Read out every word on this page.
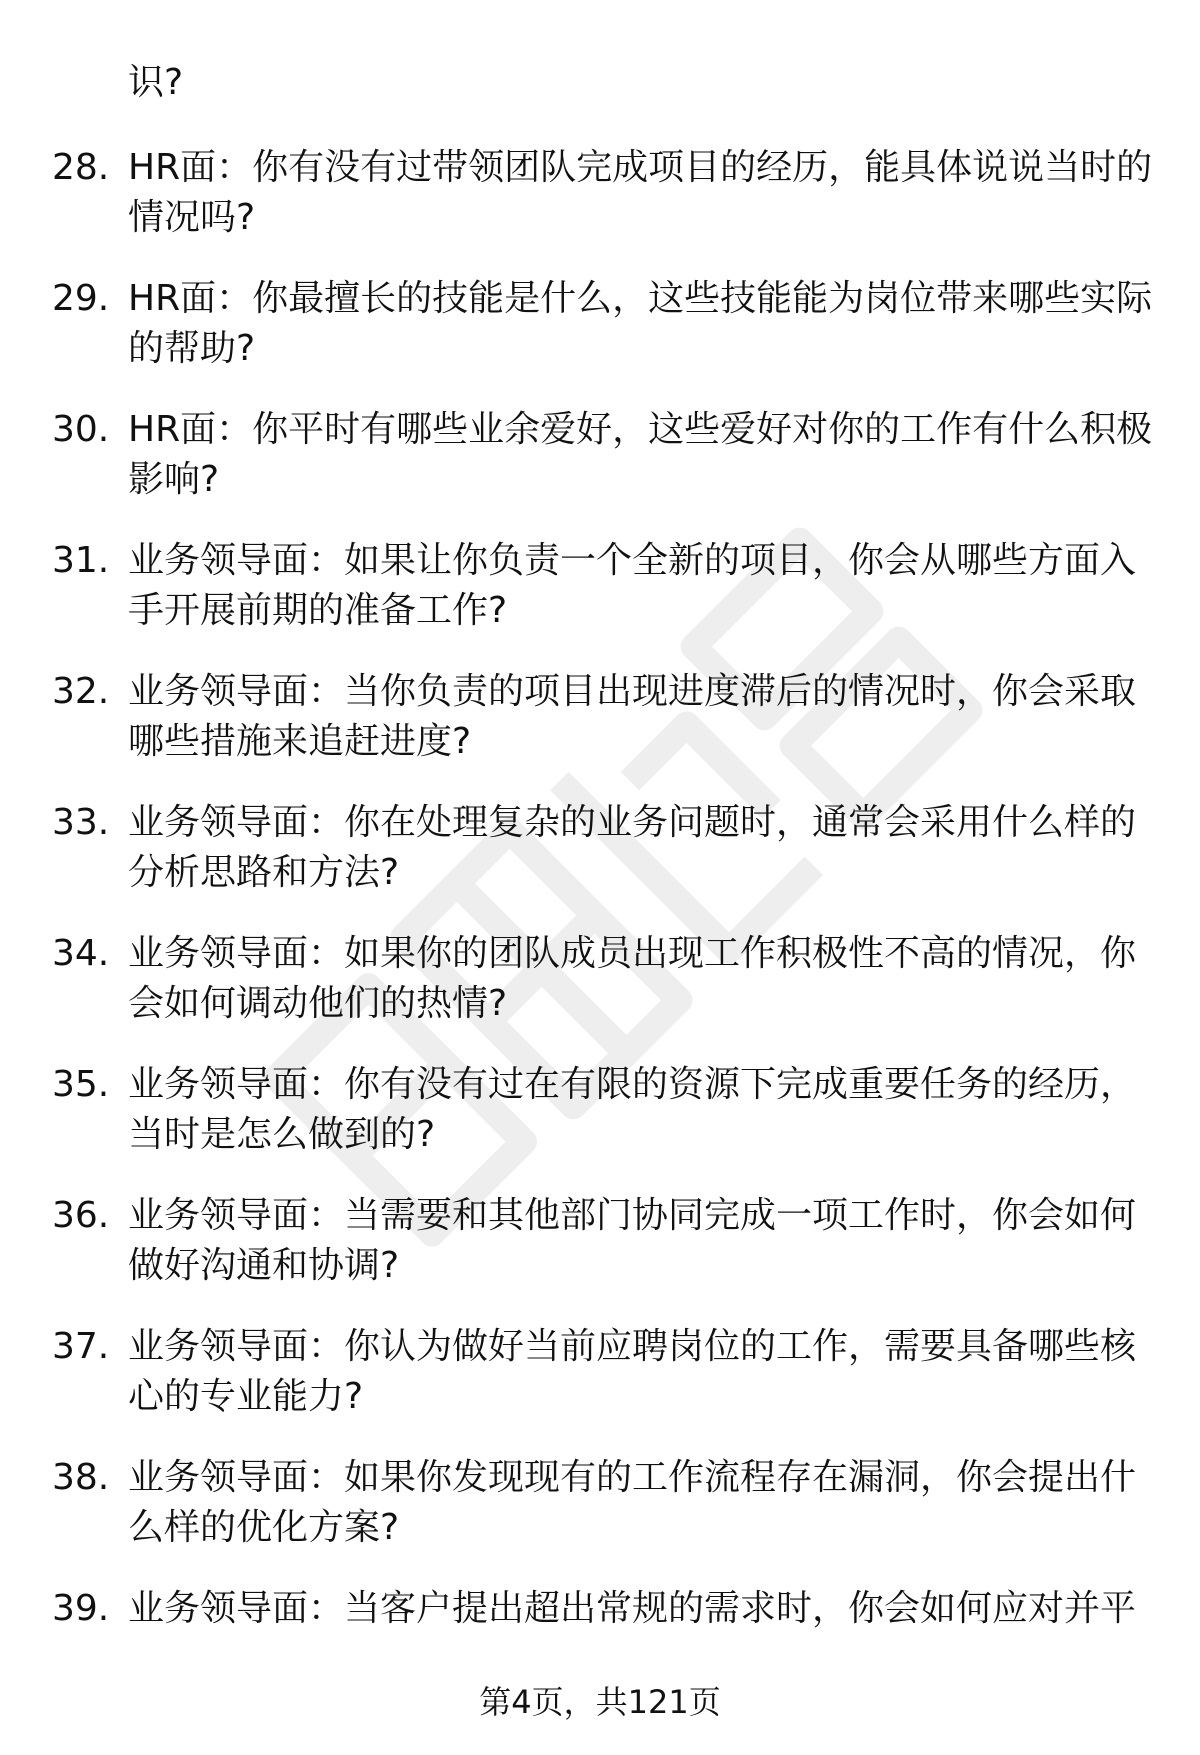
识?

28. HR面：你有没有过带领团队完成项目的经历，能具体说说当时的情况吗?

29. HR面：你最擅长的技能是什么，这些技能能为岗位带来哪些实际的帮助?

30. HR面：你平时有哪些业余爱好，这些爱好对你的工作有什么积极影响?

31. 业务领导面：如果让你负责一个全新的项目，你会从哪些方面入手开展前期的准备工作?

32. 业务领导面：当你负责的项目出现进度滞后的情况时，你会采取哪些措施来追赶进度?

33. 业务领导面：你在处理复杂的业务问题时，通常会采用什么样的分析思路和方法?

34. 业务领导面：如果你的团队成员出现工作积极性不高的情况，你会如何调动他们的热情?

35. 业务领导面：你有没有过在有限的资源下完成重要任务的经历，当时是怎么做到的?

36. 业务领导面：当需要和其他部门协同完成一项工作时，你会如何做好沟通和协调?

37. 业务领导面：你认为做好当前应聘岗位的工作，需要具备哪些核心的专业能力?

38. 业务领导面：如果你发现现有的工作流程存在漏洞，你会提出什么样的优化方案?

39. 业务领导面：当客户提出超出常规的需求时，你会如何应对并平

第4页，共121页
